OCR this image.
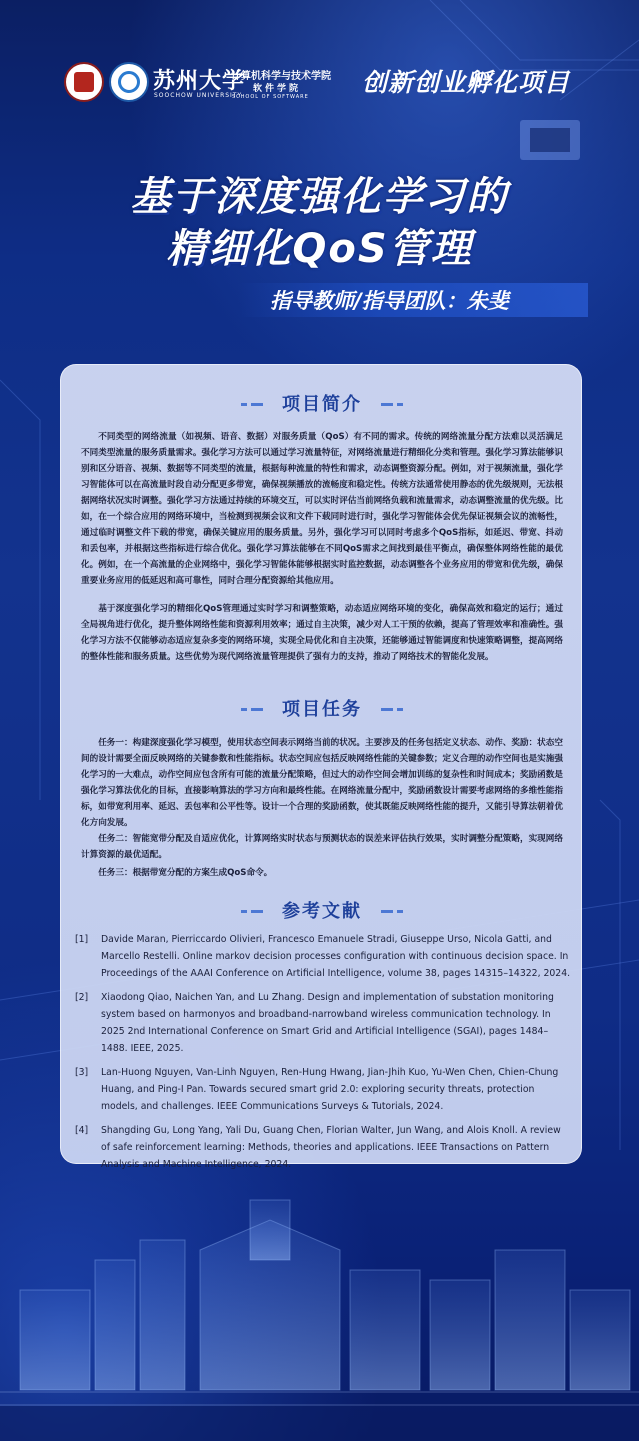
苏州大学
SOOCHOW UNIVERSITY
计算机科学与技术学院
软件学院
SCHOOL OF SOFTWARE 创新创业孵化项目
基于深度强化学习的
精细化QoS管理
指导教师/指导团队：朱斐
项目简介

不同类型的网络流量（如视频、语音、数据）对服务质量（QoS）有不同的需求。传统的网络流量分配方法难以灵活满足不同类型流量的服务质量需求。强化学习方法可以通过学习流量特征，对网络流量进行精细化分类和管理。强化学习算法能够识别和区分语音、视频、数据等不同类型的流量，根据每种流量的特性和需求，动态调整资源分配。例如，对于视频流量，强化学习智能体可以在高流量时段自动分配更多带宽，确保视频播放的流畅度和稳定性。传统方法通常使用静态的优先级规则，无法根据网络状况实时调整。强化学习方法通过持续的环境交互，可以实时评估当前网络负载和流量需求，动态调整流量的优先级。比如，在一个综合应用的网络环境中，当检测到视频会议和文件下载同时进行时，强化学习智能体会优先保证视频会议的流畅性，通过临时调整文件下载的带宽，确保关键应用的服务质量。另外，强化学习可以同时考虑多个QoS指标，如延迟、带宽、抖动和丢包率，并根据这些指标进行综合优化。强化学习算法能够在不同QoS需求之间找到最佳平衡点，确保整体网络性能的最优化。例如，在一个高流量的企业网络中，强化学习智能体能够根据实时监控数据，动态调整各个业务应用的带宽和优先级，确保重要业务应用的低延迟和高可靠性，同时合理分配资源给其他应用。

基于深度强化学习的精细化QoS管理通过实时学习和调整策略，动态适应网络环境的变化，确保高效和稳定的运行；通过全局视角进行优化，提升整体网络性能和资源利用效率；通过自主决策，减少对人工干预的依赖，提高了管理效率和准确性。强化学习方法不仅能够动态适应复杂多变的网络环境，实现全局优化和自主决策，还能够通过智能调度和快速策略调整，提高网络的整体性能和服务质量。这些优势为现代网络流量管理提供了强有力的支持，推动了网络技术的智能化发展。

项目任务

任务一：构建深度强化学习模型，使用状态空间表示网络当前的状况。主要涉及的任务包括定义状态、动作、奖励：状态空间的设计需要全面反映网络的关键参数和性能指标。状态空间应包括反映网络性能的关键参数；定义合理的动作空间也是实施强化学习的一大难点，动作空间应包含所有可能的流量分配策略，但过大的动作空间会增加训练的复杂性和时间成本；奖励函数是强化学习算法优化的目标，直接影响算法的学习方向和最终性能。在网络流量分配中，奖励函数设计需要考虑网络的多维性能指标，如带宽利用率、延迟、丢包率和公平性等。设计一个合理的奖励函数，使其既能反映网络性能的提升，又能引导算法朝着优化方向发展。

任务二：智能宽带分配及自适应优化，计算网络实时状态与预测状态的误差来评估执行效果，实时调整分配策略，实现网络计算资源的最优适配。

任务三：根据带宽分配的方案生成QoS命令。

参考文献
[1] Davide Maran, Pierriccardo Olivieri, Francesco Emanuele Stradi, Giuseppe Urso, Nicola Gatti, and Marcello Restelli. Online markov decision processes configuration with continuous decision space. In Proceedings of the AAAI Conference on Artificial Intelligence, volume 38, pages 14315–14322, 2024.
[2] Xiaodong Qiao, Naichen Yan, and Lu Zhang. Design and implementation of substation monitoring system based on harmonyos and broadband-narrowband wireless communication technology. In 2025 2nd International Conference on Smart Grid and Artificial Intelligence (SGAI), pages 1484–1488. IEEE, 2025.
[3] Lan-Huong Nguyen, Van-Linh Nguyen, Ren-Hung Hwang, Jian-Jhih Kuo, Yu-Wen Chen, Chien-Chung Huang, and Ping-I Pan. Towards secured smart grid 2.0: exploring security threats, protection models, and challenges. IEEE Communications Surveys & Tutorials, 2024.
[4] Shangding Gu, Long Yang, Yali Du, Guang Chen, Florian Walter, Jun Wang, and Alois Knoll. A review of safe reinforcement learning: Methods, theories and applications. IEEE Transactions on Pattern Analysis and Machine Intelligence, 2024.
